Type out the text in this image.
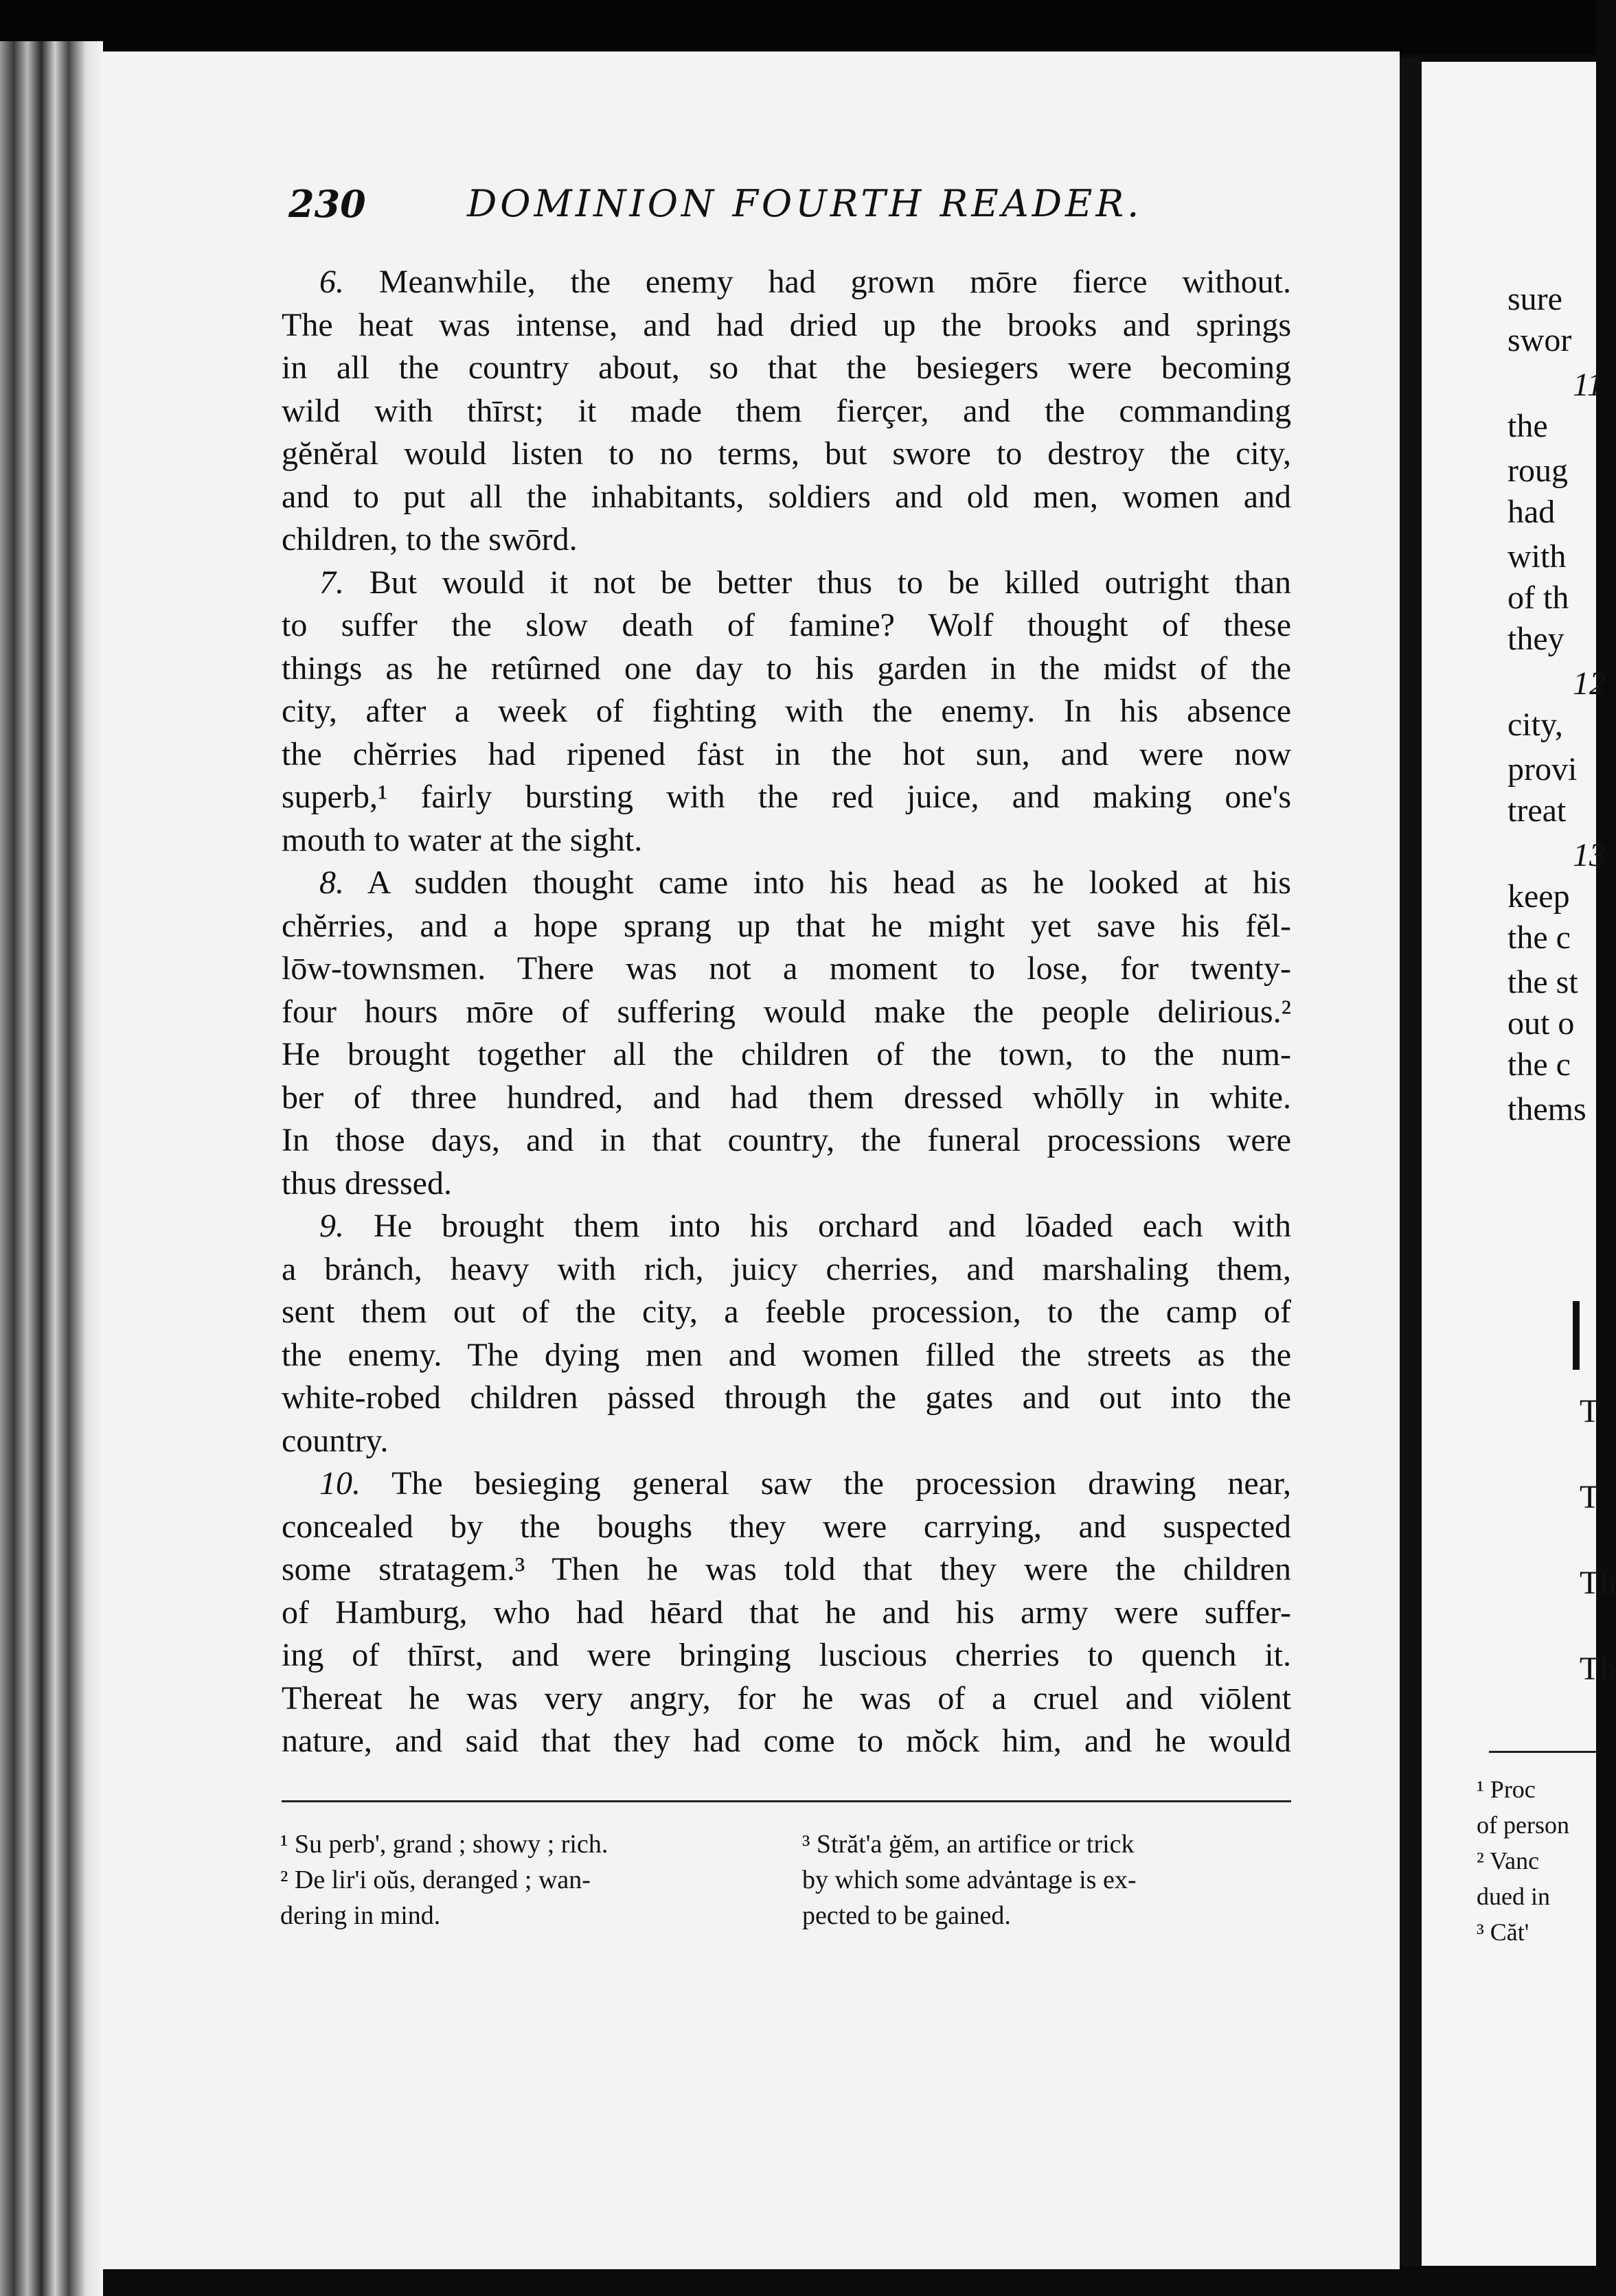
sure
swor
11
the
roug
had
with
of th
they
12
city,
provi
treat
13.
keep
the c
the st
out o
the c
thems
T
T
Th
Th
230	DOMINION FOURTH READER.
6. Meanwhile, the enemy had grown mōre fierce without.
The heat was intense, and had dried up the brooks and springs
in all the country about, so that the besiegers were becoming
wild with thīrst; it made them fierçer, and the commanding
gĕnĕral would listen to no terms, but swore to destroy the city,
and to put all the inhabitants, soldiers and old men, women and
children, to the swōrd.
7. But would it not be better thus to be killed outright than
to suffer the slow death of famine? Wolf thought of these
things as he retûrned one day to his garden in the midst of the
city, after a week of fighting with the enemy. In his absence
the chĕrries had ripened fȧst in the hot sun, and were now
superb,¹ fairly bursting with the red juice, and making one's
mouth to water at the sight.
8. A sudden thought came into his head as he looked at his
chĕrries, and a hope sprang up that he might yet save his fĕl-
lōw-townsmen. There was not a moment to lose, for twenty-
four hours mōre of suffering would make the people delirious.²
He brought together all the children of the town, to the num-
ber of three hundred, and had them dressed whōlly in white.
In those days, and in that country, the funeral processions were
thus dressed.
9. He brought them into his orchard and lōaded each with
a brȧnch, heavy with rich, juicy cherries, and marshaling them,
sent them out of the city, a feeble procession, to the camp of
the enemy. The dying men and women filled the streets as the
white-robed children pȧssed through the gates and out into the
country.
10. The besieging general saw the procession drawing near,
concealed by the boughs they were carrying, and suspected
some stratagem.³ Then he was told that they were the children
of Hamburg, who had hēard that he and his army were suffer-
ing of thīrst, and were bringing luscious cherries to quench it.
Thereat he was very angry, for he was of a cruel and viōlent
nature, and said that they had come to mŏck him, and he would
¹ Su perb', grand ; showy ; rich.
² De lir'i oŭs, deranged ; wan-
dering in mind.
³ Străt'a ġĕm, an artifice or trick
by which some advȧntage is ex-
pected to be gained.
¹ Proc
of person
² Vanc
dued in
³ Căt'
